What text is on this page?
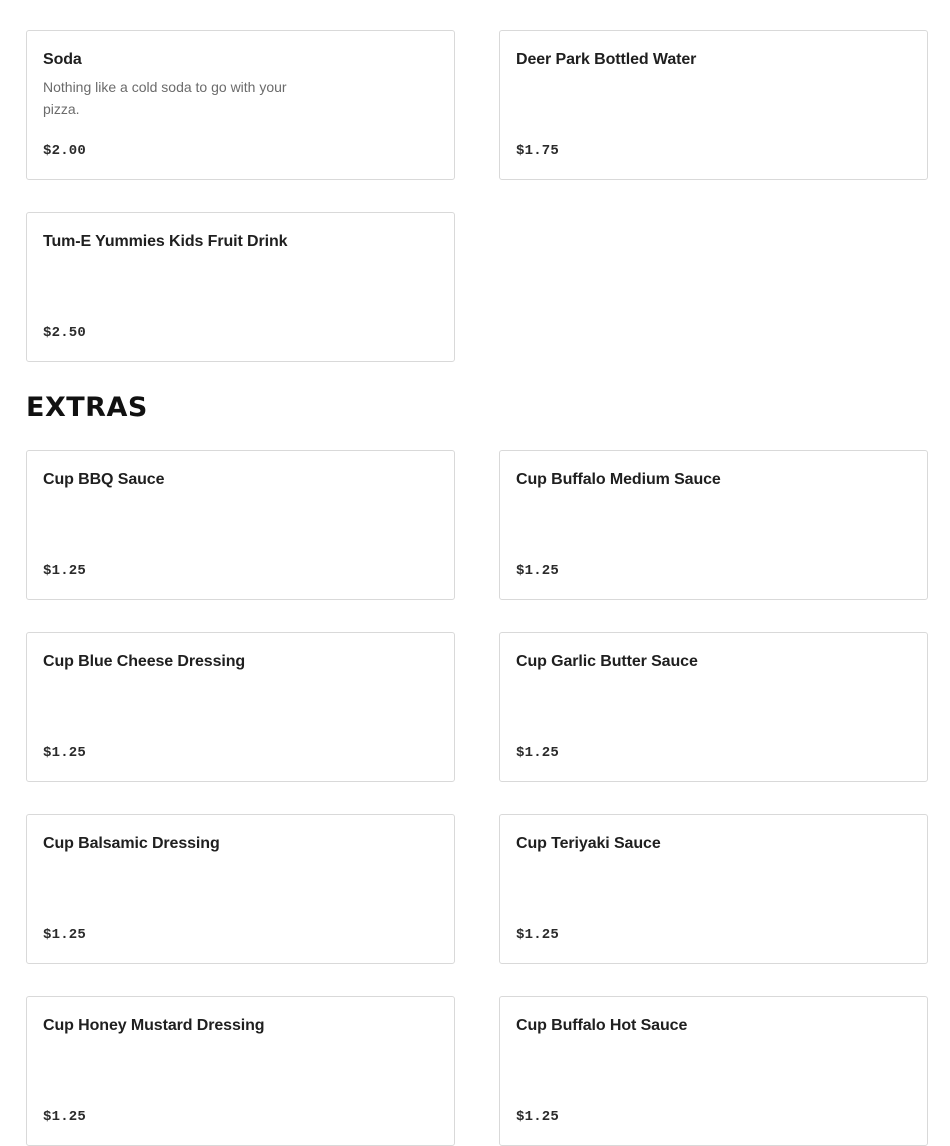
Soda
Nothing like a cold soda to go with your pizza.
$2.00
Deer Park Bottled Water
$1.75
Tum-E Yummies Kids Fruit Drink
$2.50
EXTRAS
Cup BBQ Sauce
$1.25
Cup Buffalo Medium Sauce
$1.25
Cup Blue Cheese Dressing
$1.25
Cup Garlic Butter Sauce
$1.25
Cup Balsamic Dressing
$1.25
Cup Teriyaki Sauce
$1.25
Cup Honey Mustard Dressing
$1.25
Cup Buffalo Hot Sauce
$1.25
